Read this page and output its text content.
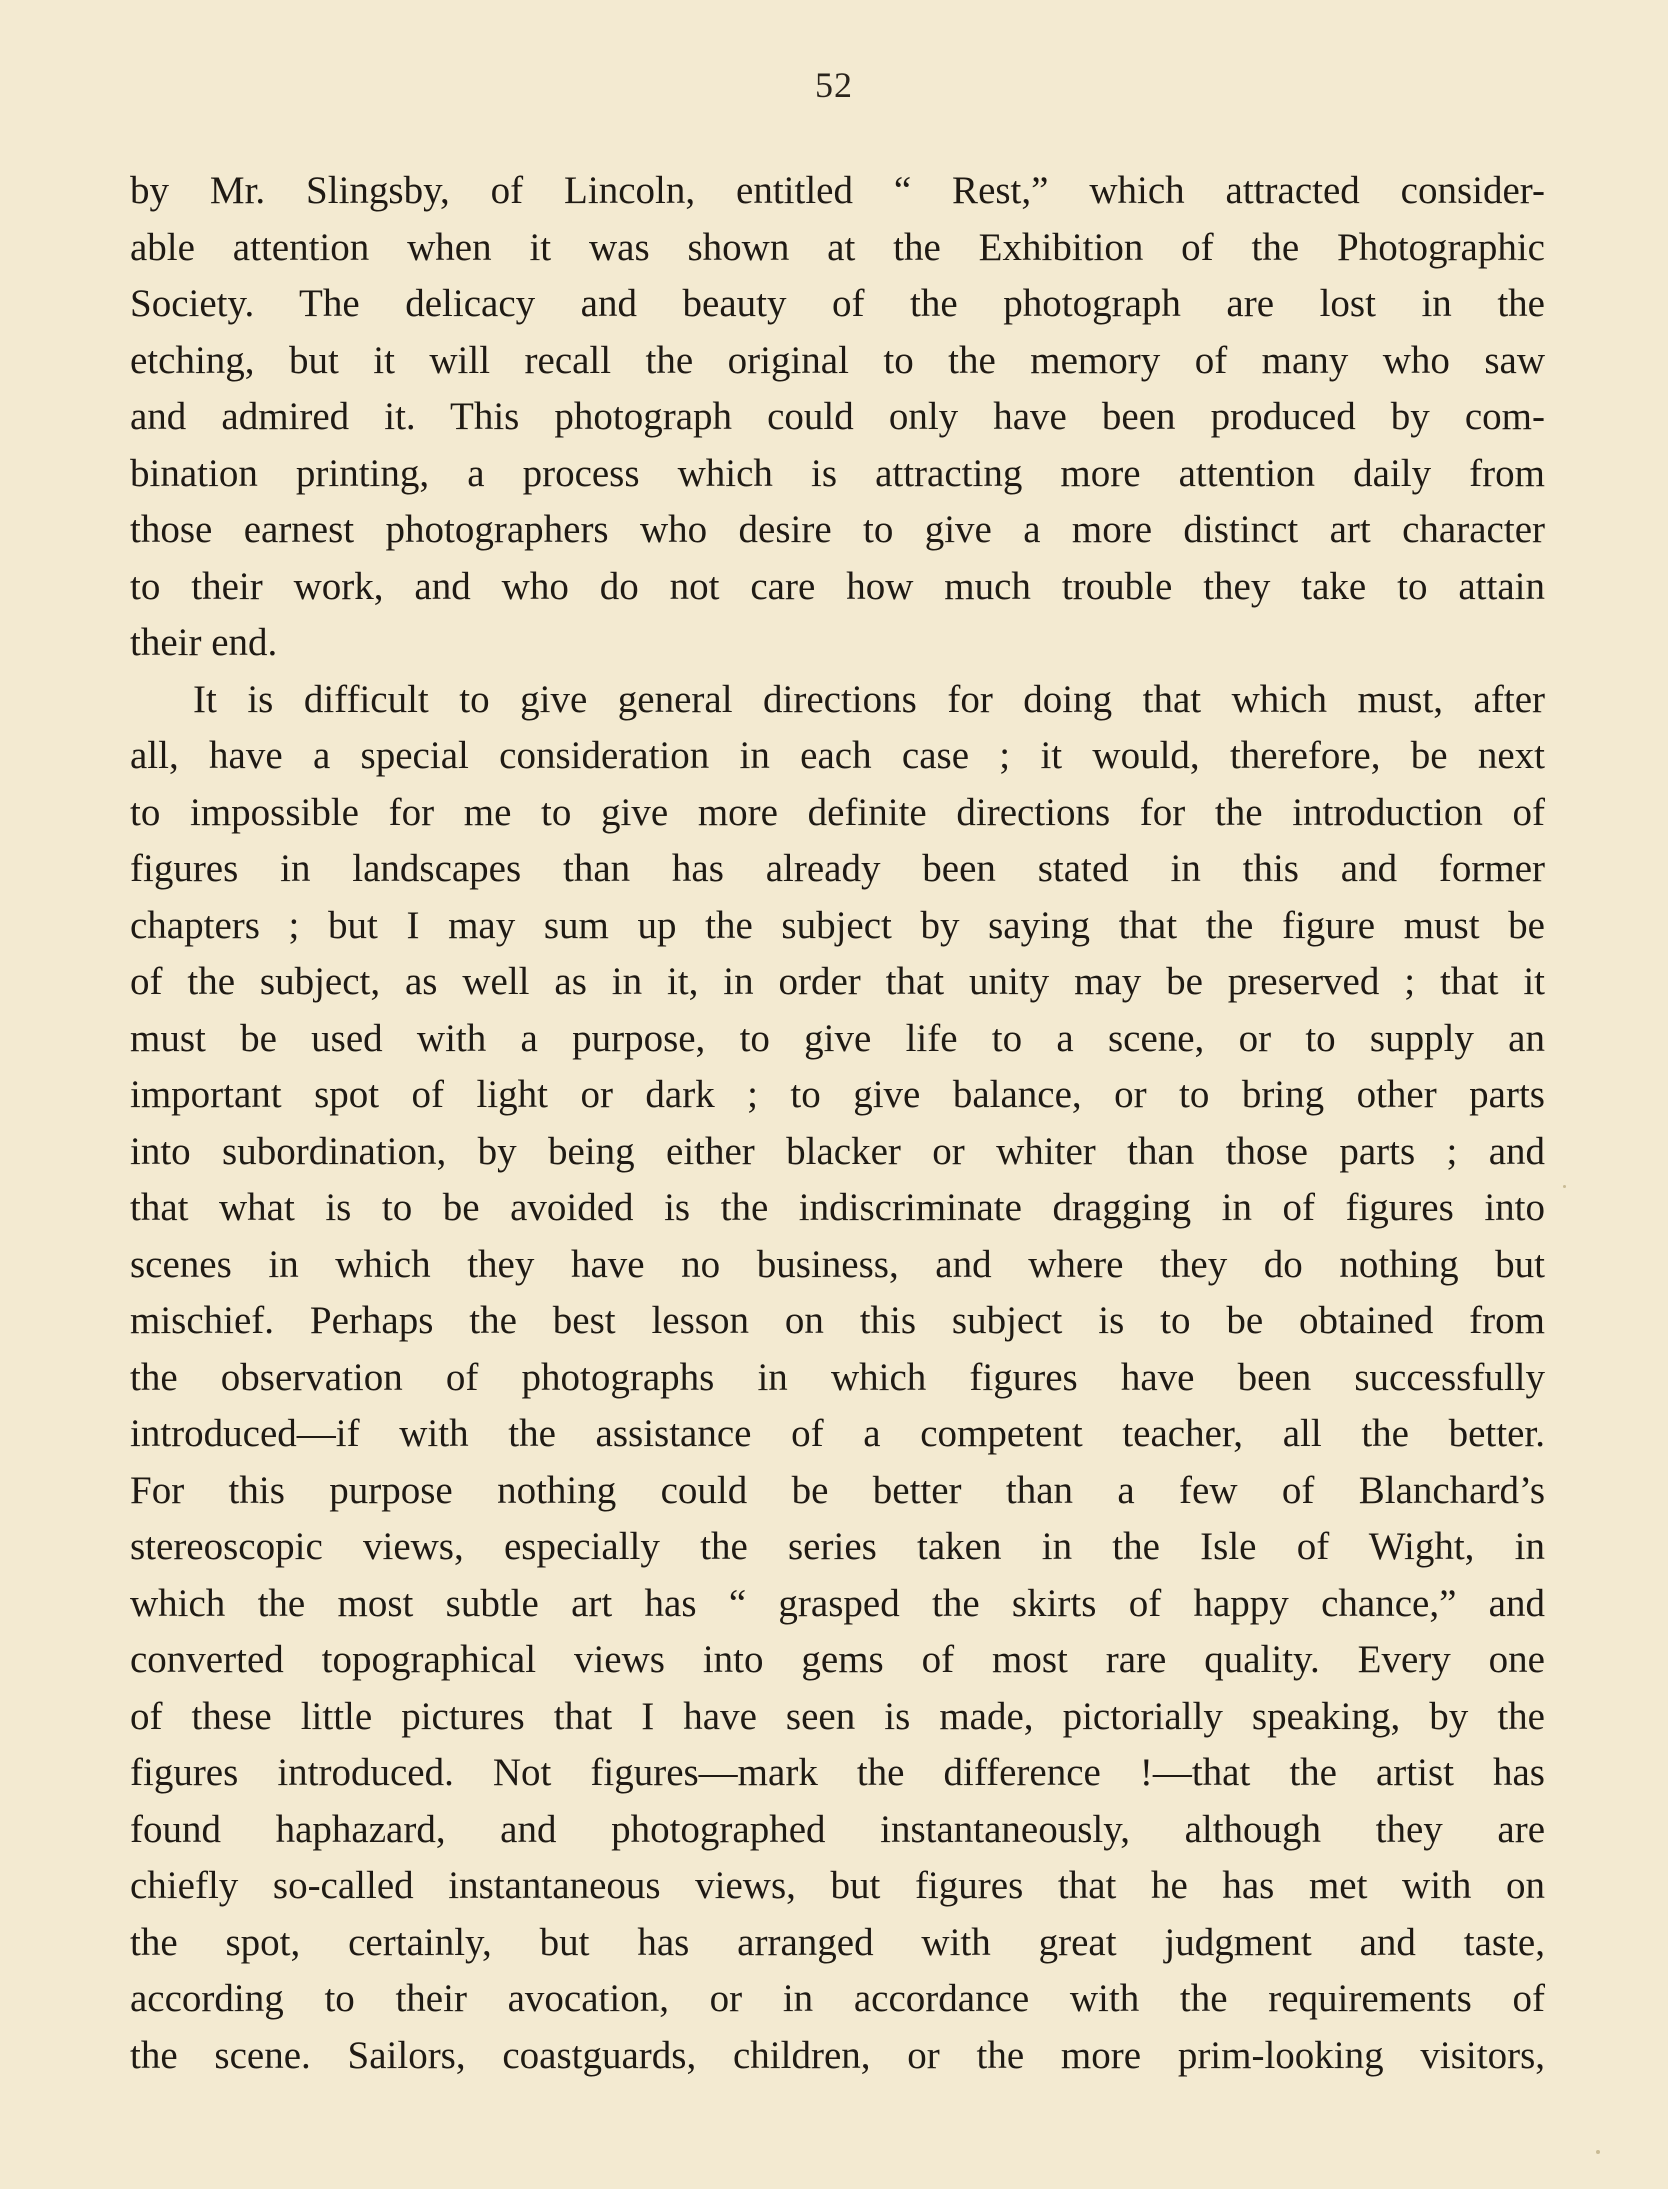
52
by Mr. Slingsby, of Lincoln, entitled “ Rest,” which attracted consider-
able attention when it was shown at the Exhibition of the Photographic
Society. The delicacy and beauty of the photograph are lost in the
etching, but it will recall the original to the memory of many who saw
and admired it. This photograph could only have been produced by com-
bination printing, a process which is attracting more attention daily from
those earnest photographers who desire to give a more distinct art character
to their work, and who do not care how much trouble they take to attain
their end.
It is difficult to give general directions for doing that which must, after
all, have a special consideration in each case ; it would, therefore, be next
to impossible for me to give more definite directions for the introduction of
figures in landscapes than has already been stated in this and former
chapters ; but I may sum up the subject by saying that the figure must be
of the subject, as well as in it, in order that unity may be preserved ; that it
must be used with a purpose, to give life to a scene, or to supply an
important spot of light or dark ; to give balance, or to bring other parts
into subordination, by being either blacker or whiter than those parts ; and
that what is to be avoided is the indiscriminate dragging in of figures into
scenes in which they have no business, and where they do nothing but
mischief. Perhaps the best lesson on this subject is to be obtained from
the observation of photographs in which figures have been successfully
introduced—if with the assistance of a competent teacher, all the better.
For this purpose nothing could be better than a few of Blanchard’s
stereoscopic views, especially the series taken in the Isle of Wight, in
which the most subtle art has “ grasped the skirts of happy chance,” and
converted topographical views into gems of most rare quality. Every one
of these little pictures that I have seen is made, pictorially speaking, by the
figures introduced. Not figures—mark the difference !—that the artist has
found haphazard, and photographed instantaneously, although they are
chiefly so-called instantaneous views, but figures that he has met with on
the spot, certainly, but has arranged with great judgment and taste,
according to their avocation, or in accordance with the requirements of
the scene. Sailors, coastguards, children, or the more prim-looking visitors,
